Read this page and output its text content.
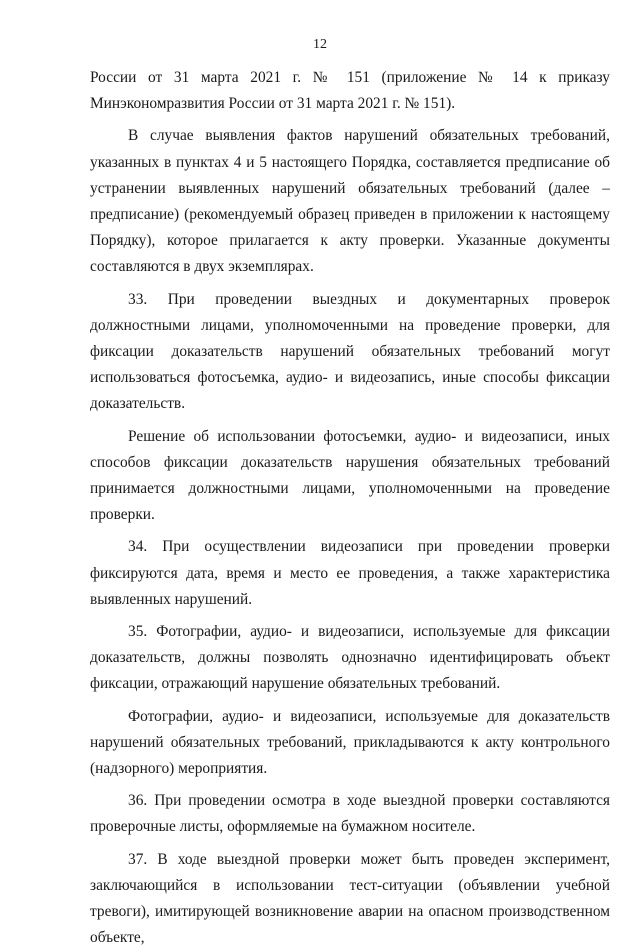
12

России от 31 марта 2021 г. № 151 (приложение № 14 к приказу Минэкономразвития России от 31 марта 2021 г. № 151).

В случае выявления фактов нарушений обязательных требований, указанных в пунктах 4 и 5 настоящего Порядка, составляется предписание об устранении выявленных нарушений обязательных требований (далее – предписание) (рекомендуемый образец приведен в приложении к настоящему Порядку), которое прилагается к акту проверки. Указанные документы составляются в двух экземплярах.

33. При проведении выездных и документарных проверок должностными лицами, уполномоченными на проведение проверки, для фиксации доказательств нарушений обязательных требований могут использоваться фотосъемка, аудио- и видеозапись, иные способы фиксации доказательств.

Решение об использовании фотосъемки, аудио- и видеозаписи, иных способов фиксации доказательств нарушения обязательных требований принимается должностными лицами, уполномоченными на проведение проверки.

34. При осуществлении видеозаписи при проведении проверки фиксируются дата, время и место ее проведения, а также характеристика выявленных нарушений.

35. Фотографии, аудио- и видеозаписи, используемые для фиксации доказательств, должны позволять однозначно идентифицировать объект фиксации, отражающий нарушение обязательных требований.

Фотографии, аудио- и видеозаписи, используемые для доказательств нарушений обязательных требований, прикладываются к акту контрольного (надзорного) мероприятия.

36. При проведении осмотра в ходе выездной проверки составляются проверочные листы, оформляемые на бумажном носителе.

37. В ходе выездной проверки может быть проведен эксперимент, заключающийся в использовании тест-ситуации (объявлении учебной тревоги), имитирующей возникновение аварии на опасном производственном объекте,
